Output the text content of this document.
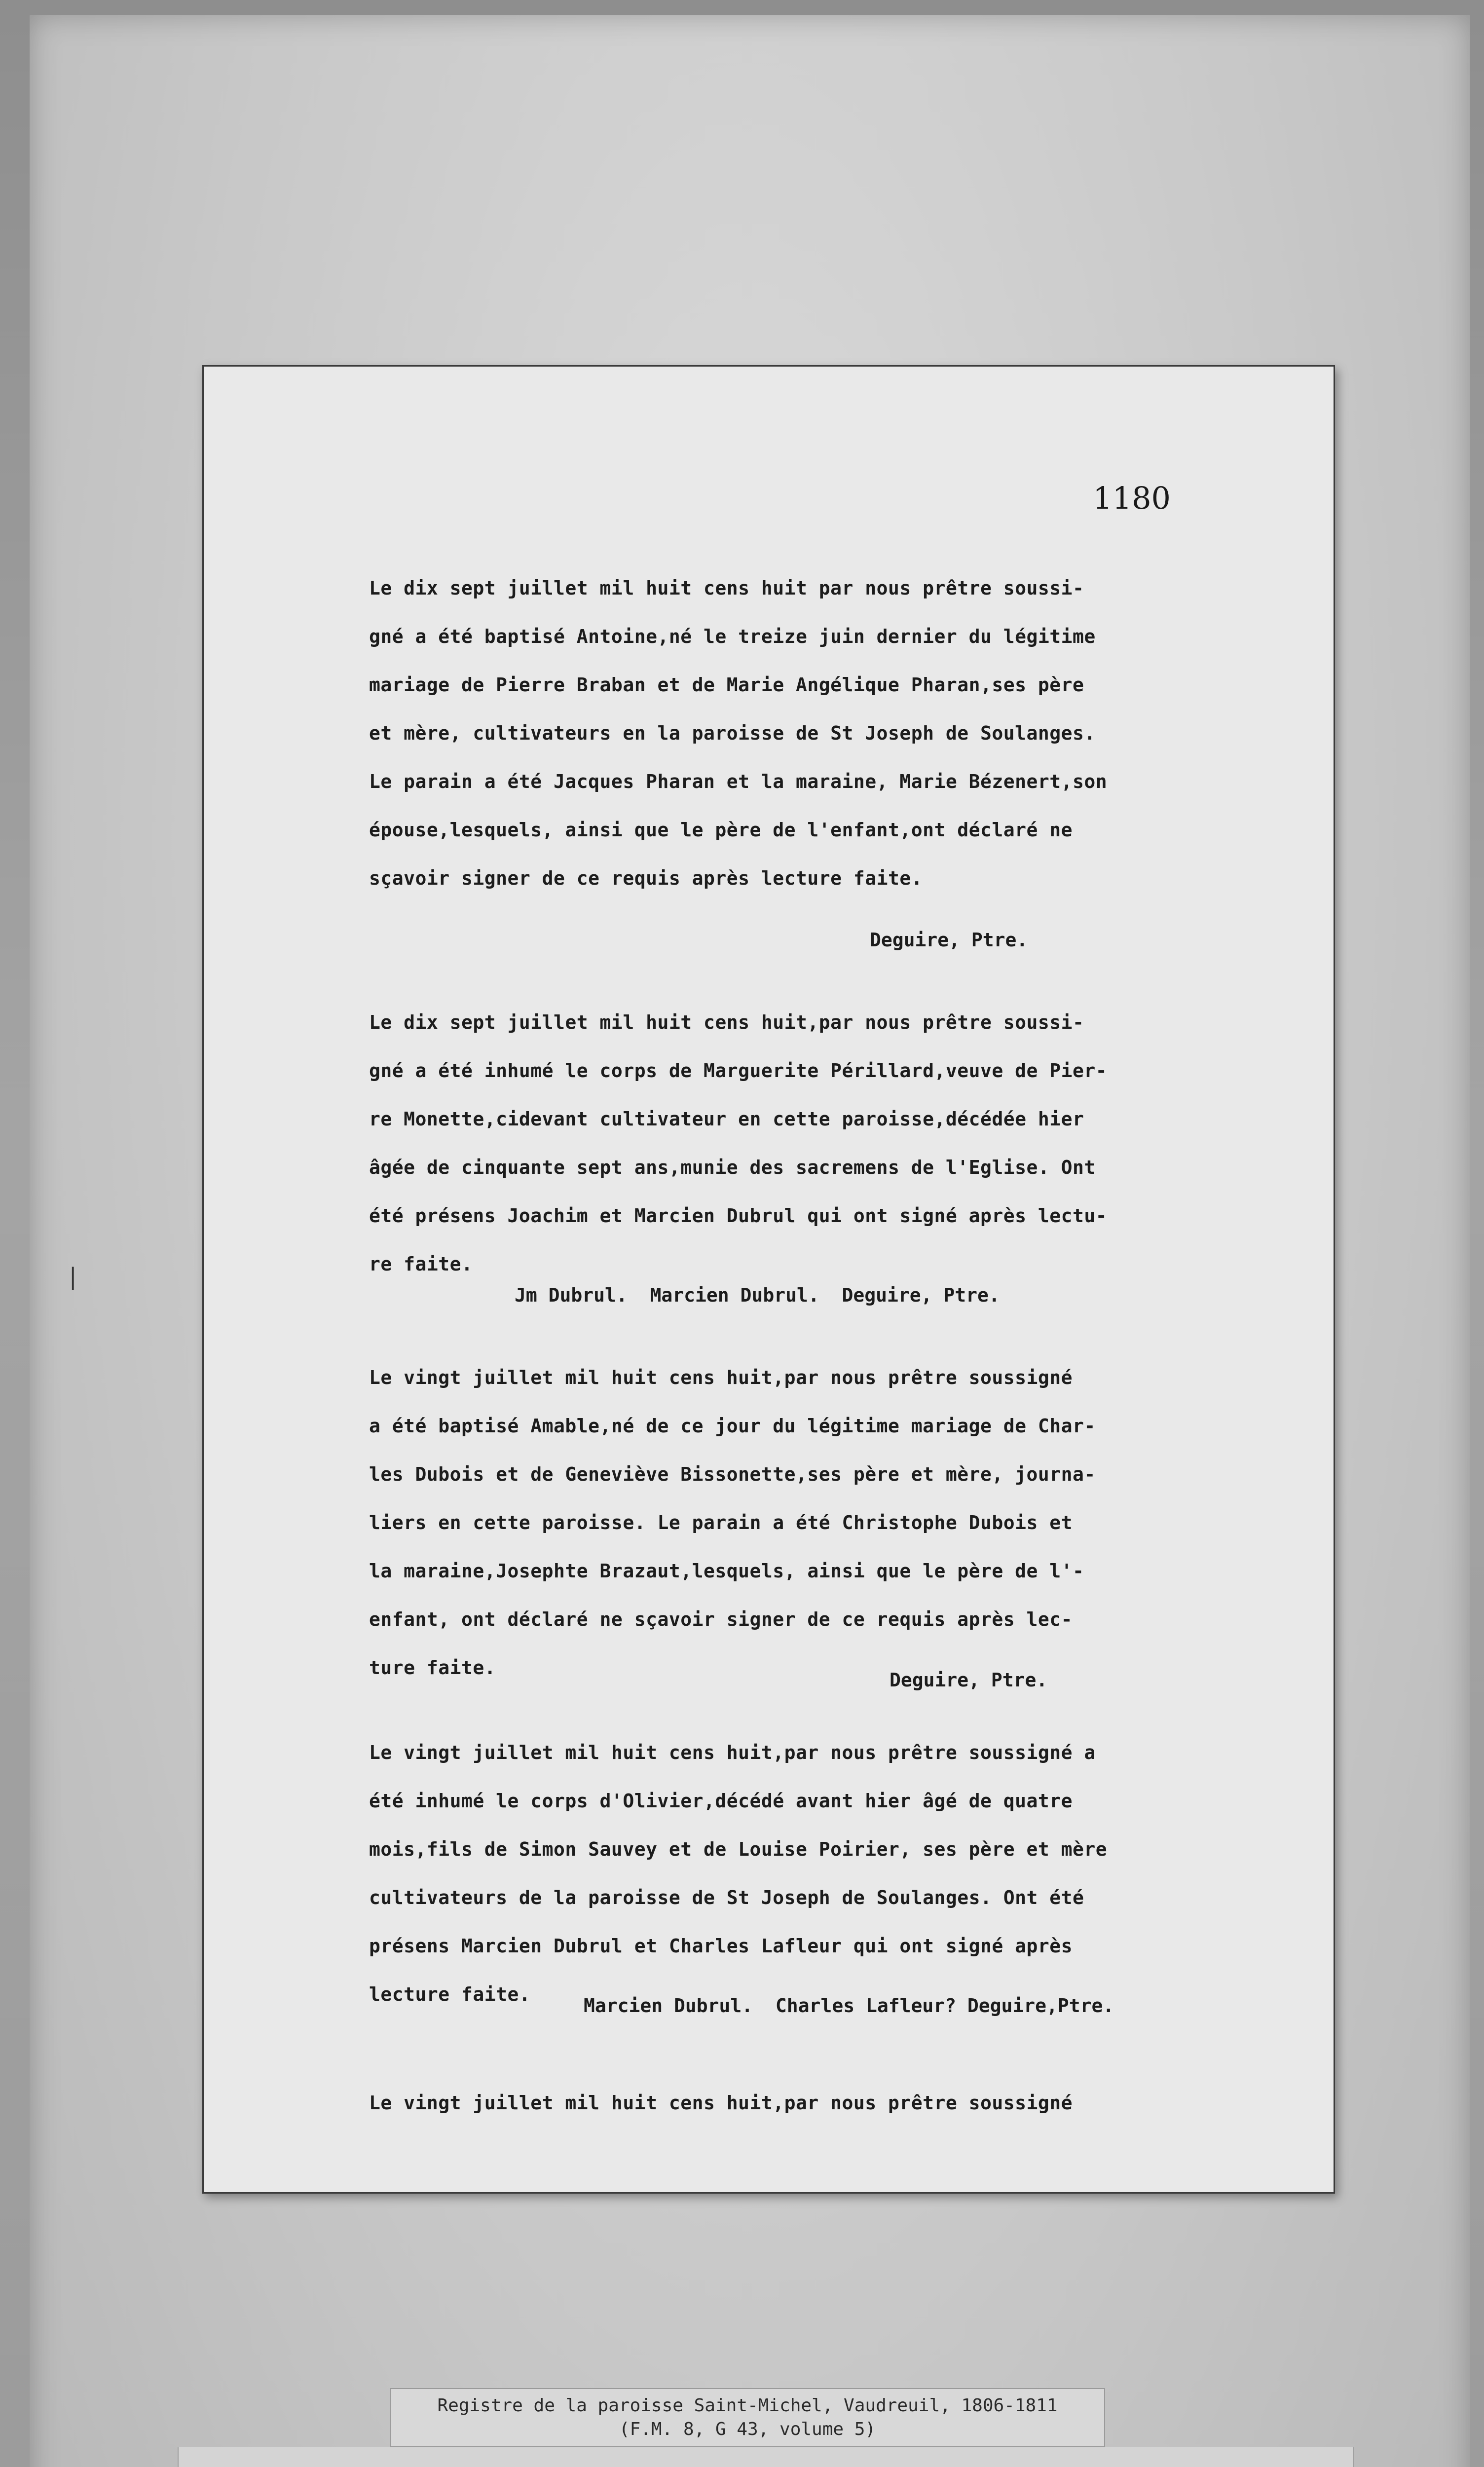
1180

Le dix sept juillet mil huit cens huit par nous prêtre soussi-

gné a été baptisé Antoine,né le treize juin dernier du légitime

mariage de Pierre Braban et de Marie Angélique Pharan,ses père

et mère, cultivateurs en la paroisse de St Joseph de Soulanges.

Le parain a été Jacques Pharan et la maraine, Marie Bézenert,son

épouse,lesquels, ainsi que le père de l'enfant,ont déclaré ne

sçavoir signer de ce requis après lecture faite.

Deguire, Ptre.

Le dix sept juillet mil huit cens huit,par nous prêtre soussi-

gné a été inhumé le corps de Marguerite Périllard,veuve de Pier-

re Monette,cidevant cultivateur en cette paroisse,décédée hier

âgée de cinquante sept ans,munie des sacremens de l'Eglise. Ont

été présens Joachim et Marcien Dubrul qui ont signé après lectu-

re faite.

Jm Dubrul.  Marcien Dubrul.  Deguire, Ptre.

Le vingt juillet mil huit cens huit,par nous prêtre soussigné

a été baptisé Amable,né de ce jour du légitime mariage de Char-

les Dubois et de Geneviève Bissonette,ses père et mère, journa-

liers en cette paroisse. Le parain a été Christophe Dubois et

la maraine,Josephte Brazaut,lesquels, ainsi que le père de l'-

enfant, ont déclaré ne sçavoir signer de ce requis après lec-

ture faite.

Deguire, Ptre.

Le vingt juillet mil huit cens huit,par nous prêtre soussigné a

été inhumé le corps d'Olivier,décédé avant hier âgé de quatre

mois,fils de Simon Sauvey et de Louise Poirier, ses père et mère

cultivateurs de la paroisse de St Joseph de Soulanges. Ont été

présens Marcien Dubrul et Charles Lafleur qui ont signé après

lecture faite.

Marcien Dubrul.  Charles Lafleur? Deguire,Ptre.

Le vingt juillet mil huit cens huit,par nous prêtre soussigné

|
Registre de la paroisse Saint-Michel, Vaudreuil, 1806-1811
(F.M. 8, G 43, volume 5)
